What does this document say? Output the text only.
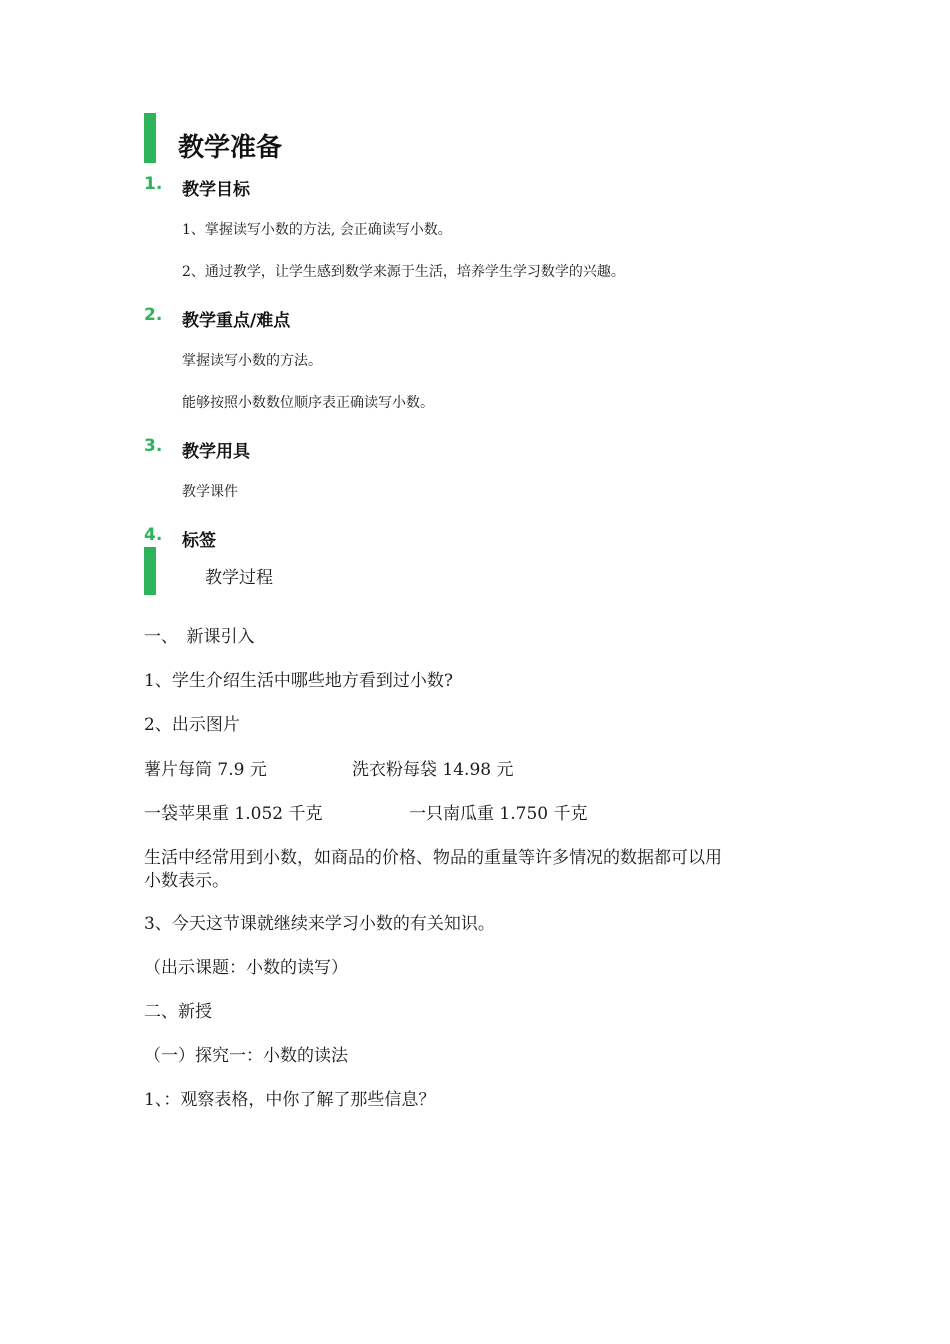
教学准备
1. 教学目标
1、掌握读写小数的方法, 会正确读写小数。
2、通过教学，让学生感到数学来源于生活，培养学生学习数学的兴趣。
2. 教学重点/难点
掌握读写小数的方法。
能够按照小数数位顺序表正确读写小数。
3. 教学用具
教学课件
4. 标签
教学过程
一、　新课引入
1、学生介绍生活中哪些地方看到过小数?
2、出示图片
薯片每筒 7.9 元	洗衣粉每袋 14.98 元
一袋苹果重 1.052 千克	一只南瓜重 1.750 千克
生活中经常用到小数，如商品的价格、物品的重量等许多情况的数据都可以用
小数表示。
3、今天这节课就继续来学习小数的有关知识。
（出示课题：小数的读写）
二、新授
（一）探究一：小数的读法
1、：观察表格，中你了解了那些信息？
